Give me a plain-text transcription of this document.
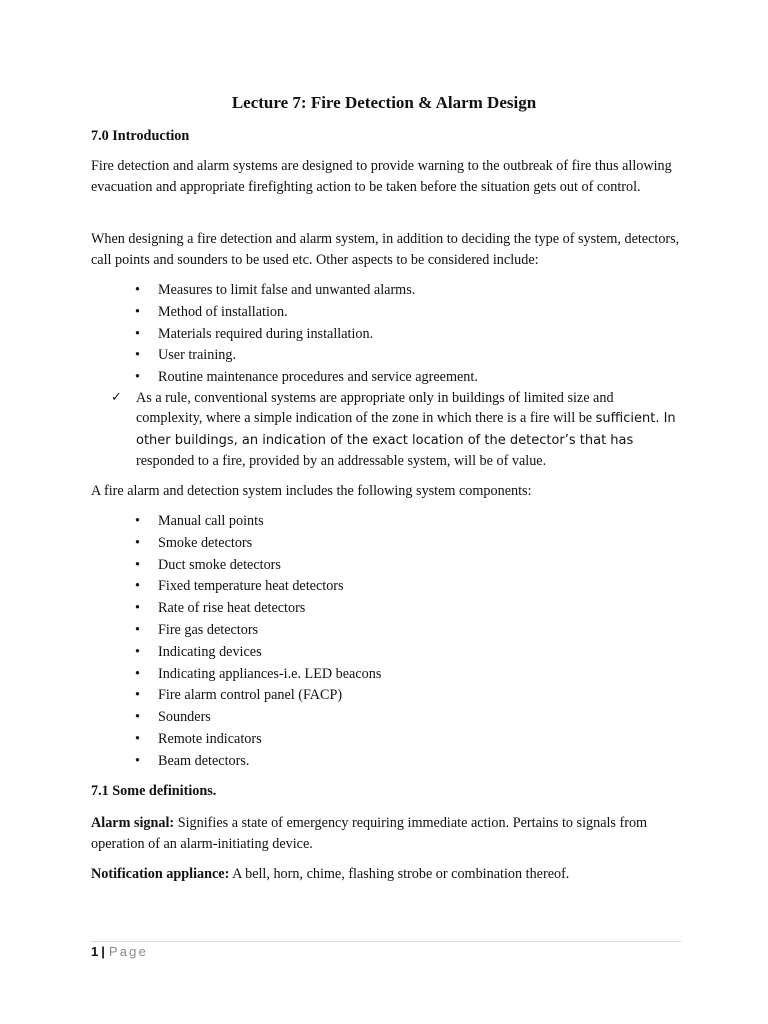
Lecture 7: Fire Detection & Alarm Design
7.0 Introduction

Fire detection and alarm systems are designed to provide warning to the outbreak of fire thus allowing evacuation and appropriate firefighting action to be taken before the situation gets out of control.

When designing a fire detection and alarm system, in addition to deciding the type of system, detectors, call points and sounders to be used etc. Other aspects to be considered include:

• Measures to limit false and unwanted alarms.
• Method of installation.
• Materials required during installation.
• User training.
• Routine maintenance procedures and service agreement.
✓ As a rule, conventional systems are appropriate only in buildings of limited size and complexity, where a simple indication of the zone in which there is a fire will be sufficient. In other buildings, an indication of the exact location of the detector’s that has responded to a fire, provided by an addressable system, will be of value.

A fire alarm and detection system includes the following system components:

• Manual call points
• Smoke detectors
• Duct smoke detectors
• Fixed temperature heat detectors
• Rate of rise heat detectors
• Fire gas detectors
• Indicating devices
• Indicating appliances-i.e. LED beacons
• Fire alarm control panel (FACP)
• Sounders
• Remote indicators
• Beam detectors.
7.1 Some definitions.

Alarm signal: Signifies a state of emergency requiring immediate action. Pertains to signals from operation of an alarm-initiating device.

Notification appliance: A bell, horn, chime, flashing strobe or combination thereof.

1 | Page
